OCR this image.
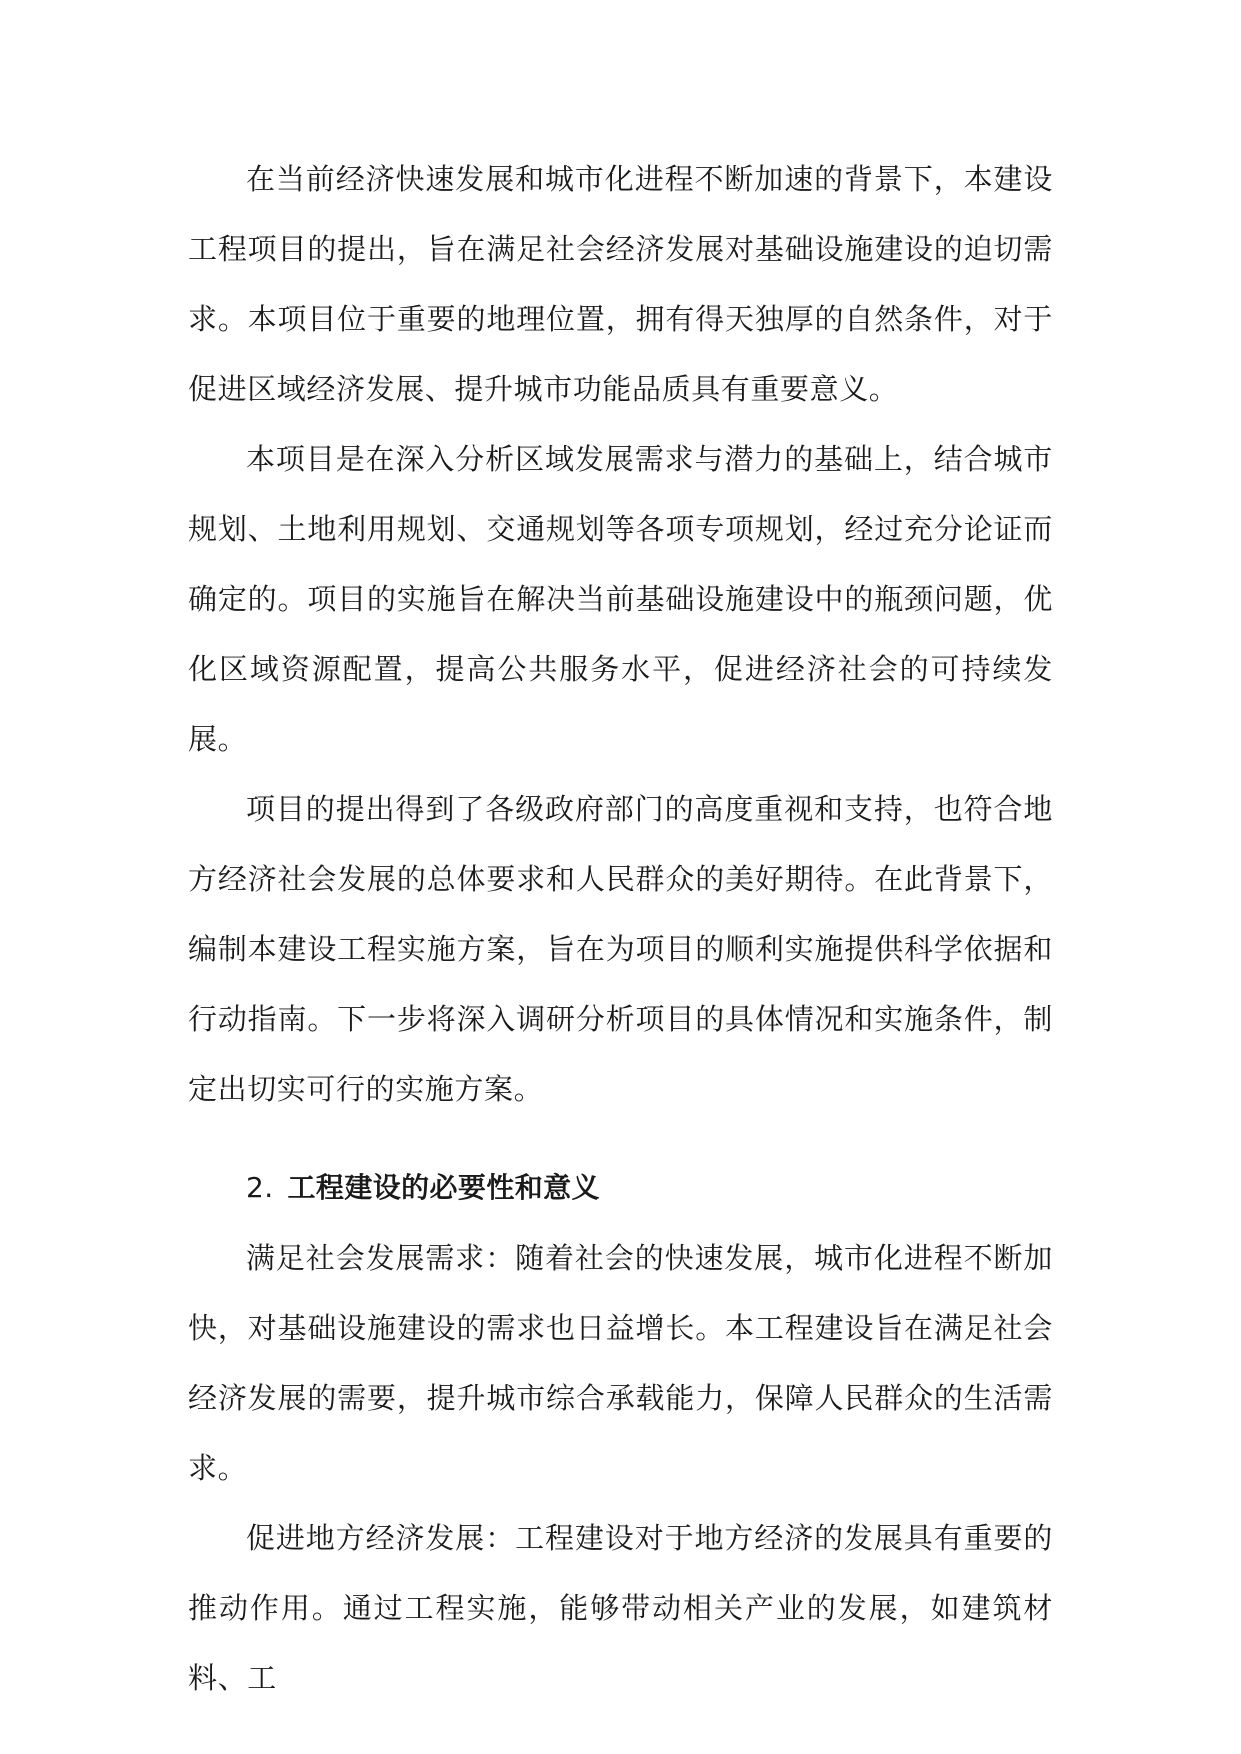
在当前经济快速发展和城市化进程不断加速的背景下，本建设工程项目的提出，旨在满足社会经济发展对基础设施建设的迫切需求。本项目位于重要的地理位置，拥有得天独厚的自然条件，对于促进区域经济发展、提升城市功能品质具有重要意义。

本项目是在深入分析区域发展需求与潜力的基础上，结合城市规划、土地利用规划、交通规划等各项专项规划，经过充分论证而确定的。项目的实施旨在解决当前基础设施建设中的瓶颈问题，优化区域资源配置，提高公共服务水平，促进经济社会的可持续发展。

项目的提出得到了各级政府部门的高度重视和支持，也符合地方经济社会发展的总体要求和人民群众的美好期待。在此背景下，编制本建设工程实施方案，旨在为项目的顺利实施提供科学依据和行动指南。下一步将深入调研分析项目的具体情况和实施条件，制定出切实可行的实施方案。

2. 工程建设的必要性和意义

满足社会发展需求：随着社会的快速发展，城市化进程不断加快，对基础设施建设的需求也日益增长。本工程建设旨在满足社会经济发展的需要，提升城市综合承载能力，保障人民群众的生活需求。

促进地方经济发展：工程建设对于地方经济的发展具有重要的推动作用。通过工程实施，能够带动相关产业的发展，如建筑材料、工
